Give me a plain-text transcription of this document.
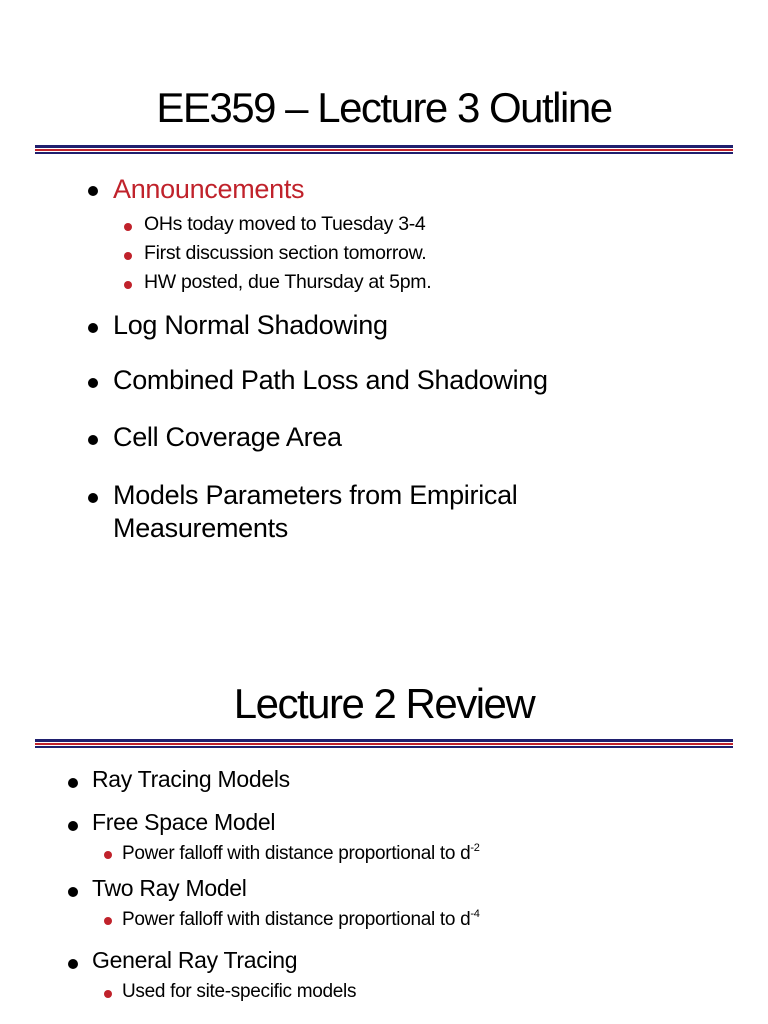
EE359 – Lecture 3 Outline
Announcements
OHs today moved to Tuesday 3-4
First discussion section tomorrow.
HW posted, due Thursday at 5pm.
Log Normal Shadowing
Combined Path Loss and Shadowing
Cell Coverage Area
Models Parameters from Empirical
Measurements
Lecture 2 Review
Ray Tracing Models
Free Space Model
Power falloff with distance proportional to $d^{-2}$
Two Ray Model
Power falloff with distance proportional to $d^{-4}$
General Ray Tracing
Used for site-specific models
